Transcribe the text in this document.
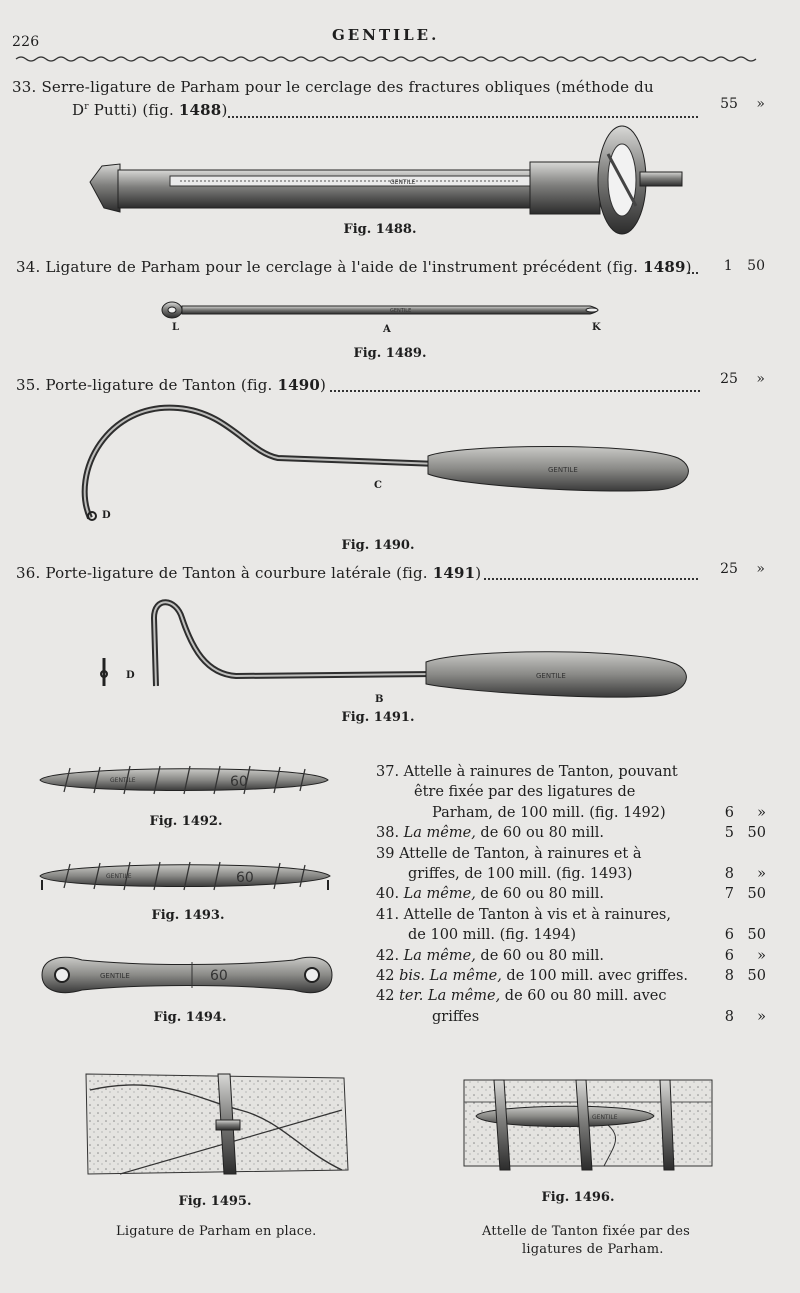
226	GENTILE.
33. Serre-ligature de Parham pour le cerclage des fractures obliques (méthode du
$D^r$ Putti) (fig. 1488)	55 »
GENTILE
Fig. 1488.
34. Ligature de Parham pour le cerclage à l'aide de l'instrument précédent (fig. 1489)	1 50
GENTILE
L	A	K
Fig. 1489.
35. Porte-ligature de Tanton (fig. 1490)	25 »
GENTILE
C
D
Fig. 1490.
36. Porte-ligature de Tanton à courbure latérale (fig. 1491)	25 »
GENTILE
D
B
Fig. 1491.
GENTILE	60
Fig. 1492.
GENTILE	60
Fig. 1493.
GENTILE	60
Fig. 1494.
37. Attelle à rainures de Tanton, pouvant
être fixée par des ligatures de
Parham, de 100 mill. (fig. 1492)	6 »
38. La même, de 60 ou 80 mill.	5 50
39 Attelle de Tanton, à rainures et à
griffes, de 100 mill. (fig. 1493)	8 »
40. La même, de 60 ou 80 mill.	7 50
41. Attelle de Tanton à vis et à rainures,
de 100 mill. (fig. 1494)	6 50
42. La même, de 60 ou 80 mill.	6 »
42 bis. La même, de 100 mill. avec griffes.	8 50
42 ter. La même, de 60 ou 80 mill. avec
griffes	8 »
Fig. 1495.
Ligature de Parham en place.
GENTILE
Fig. 1496.
Attelle de Tanton fixée par des
ligatures de Parham.
